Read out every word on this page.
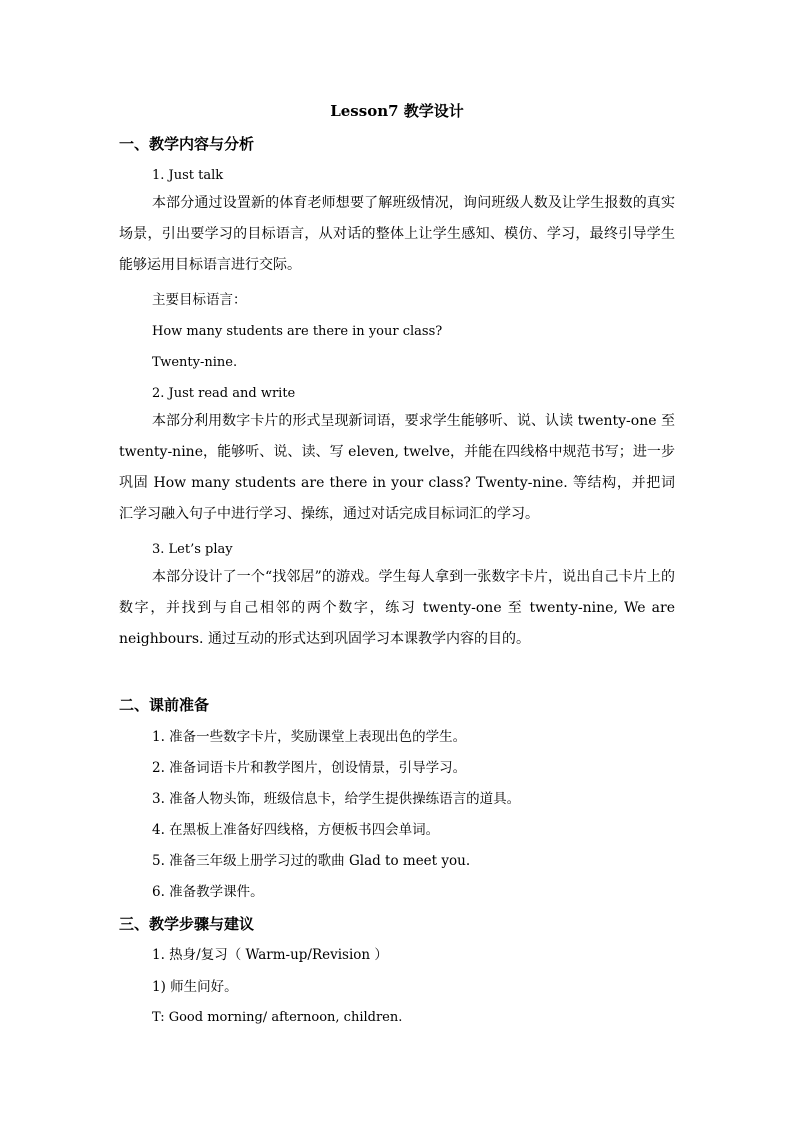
Lesson7 教学设计
一、教学内容与分析
1. Just talk

本部分通过设置新的体育老师想要了解班级情况，询问班级人数及让学生报数的真实场景，引出要学习的目标语言，从对话的整体上让学生感知、模仿、学习，最终引导学生能够运用目标语言进行交际。

主要目标语言：
How many students are there in your class?
Twenty-nine.
2. Just read and write

本部分利用数字卡片的形式呈现新词语，要求学生能够听、说、认读 twenty-one 至 twenty-nine，能够听、说、读、写 eleven, twelve，并能在四线格中规范书写；进一步巩固 How many students are there in your class? Twenty-nine. 等结构，并把词汇学习融入句子中进行学习、操练，通过对话完成目标词汇的学习。

3. Let’s play

本部分设计了一个“找邻居”的游戏。学生每人拿到一张数字卡片，说出自己卡片上的数字，并找到与自己相邻的两个数字，练习 twenty-one 至 twenty-nine, We are neighbours. 通过互动的形式达到巩固学习本课教学内容的目的。

二、课前准备
1. 准备一些数字卡片，奖励课堂上表现出色的学生。
2. 准备词语卡片和教学图片，创设情景，引导学习。
3. 准备人物头饰，班级信息卡，给学生提供操练语言的道具。
4. 在黑板上准备好四线格，方便板书四会单词。
5. 准备三年级上册学习过的歌曲 Glad to meet you.
6. 准备教学课件。
三、教学步骤与建议
1. 热身/复习（ Warm-up/Revision ）
1) 师生问好。
T: Good morning/ afternoon, children.
